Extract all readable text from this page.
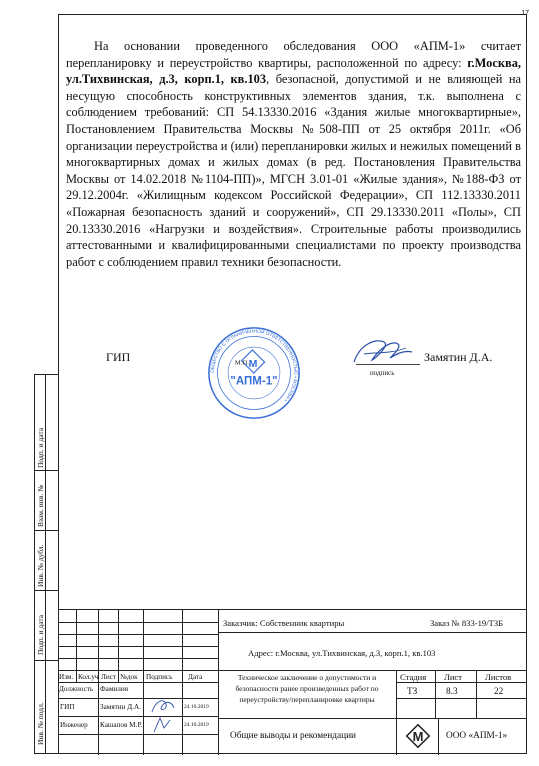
17

На основании проведенного обследования ООО «АПМ-1» считает перепланировку и переустройство квартиры, расположенной по адресу: г.Москва, ул.Тихвинская, д.3, корп.1, кв.103, безопасной, допустимой и не влияющей на несущую способность конструктивных элементов здания, т.к. выполнена с соблюдением требований: СП 54.13330.2016 «Здания жилые многоквартирные», Постановлением Правительства Москвы №508-ПП от 25 октября 2011г. «Об организации переустройства и (или) перепланировки жилых и нежилых помещений в многоквартирных домах и жилых домах (в ред. Постановления Правительства Москвы от 14.02.2018 №1104-ПП)», МГСН 3.01-01 «Жилые здания», №188-ФЗ от 29.12.2004г. «Жилищным кодексом Российской Федерации», СП 112.13330.2011 «Пожарная безопасность зданий и сооружений», СП 29.13330.2011 «Полы», СП 20.13330.2016 «Нагрузки и воздействия». Строительные работы производились аттестованными и квалифицированными специалистами по проекту производства работ с соблюдением правил техники безопасности.

ГИП
ОБЩЕСТВО С ОГРАНИЧЕННОЙ ОТВЕТСТВЕННОСТЬЮ • МОСКВА •
М
М.П.
"АПМ-1"
подпись
Замятин Д.А.
Подп. и дата
Взам. инв. №
Инв. № дубл.
Подп. и дата
Инв. № подл.
Заказчик: Собственник квартиры	Заказ № 833-19/ТЗБ
Адрес: г.Москва, ул.Тихвинская, д.3, корп.1, кв.103
Изм. Кол.уч Лист №док Подпись Дата
Должность Фамилия
ГИП	Замятин Д.А.	24.10.2019
Инженер Кашапов М.Р.	24.10.2019
Техническое заключение о допустимости и безопасности ранее произведенных работ по переустройству/перепланировке квартиры
Стадия Лист	Листов
ТЗ	8.3	22
Общие выводы и рекомендации	М ООО «АПМ-1»
